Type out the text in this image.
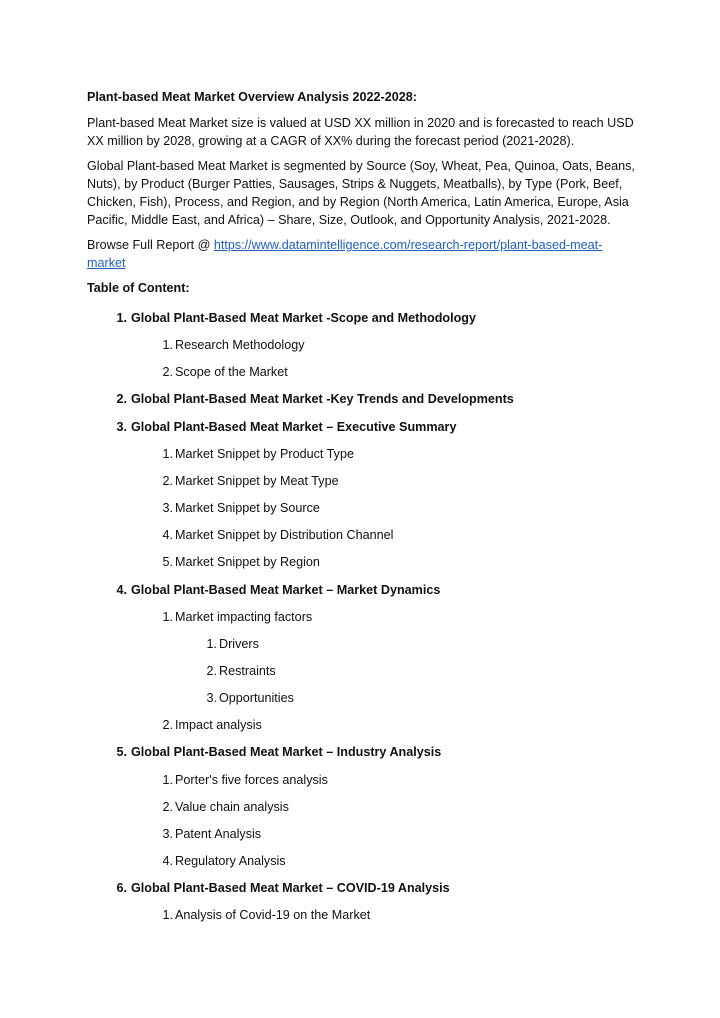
Plant-based Meat Market Overview Analysis 2022-2028:
Plant-based Meat Market size is valued at USD XX million in 2020 and is forecasted to reach USD XX million by 2028, growing at a CAGR of XX% during the forecast period (2021-2028).
Global Plant-based Meat Market is segmented by Source (Soy, Wheat, Pea, Quinoa, Oats, Beans, Nuts), by Product (Burger Patties, Sausages, Strips & Nuggets, Meatballs), by Type (Pork, Beef, Chicken, Fish), Process, and Region, and by Region (North America, Latin America, Europe, Asia Pacific, Middle East, and Africa) – Share, Size, Outlook, and Opportunity Analysis, 2021-2028.
Browse Full Report @ https://www.datamintelligence.com/research-report/plant-based-meat-market
Table of Content:
1. Global Plant-Based Meat Market -Scope and Methodology
1. Research Methodology
2. Scope of the Market
2. Global Plant-Based Meat Market -Key Trends and Developments
3. Global Plant-Based Meat Market – Executive Summary
1. Market Snippet by Product Type
2. Market Snippet by Meat Type
3. Market Snippet by Source
4. Market Snippet by Distribution Channel
5. Market Snippet by Region
4. Global Plant-Based Meat Market – Market Dynamics
1. Market impacting factors
1. Drivers
2. Restraints
3. Opportunities
2. Impact analysis
5. Global Plant-Based Meat Market – Industry Analysis
1. Porter's five forces analysis
2. Value chain analysis
3. Patent Analysis
4. Regulatory Analysis
6. Global Plant-Based Meat Market – COVID-19 Analysis
1. Analysis of Covid-19 on the Market
